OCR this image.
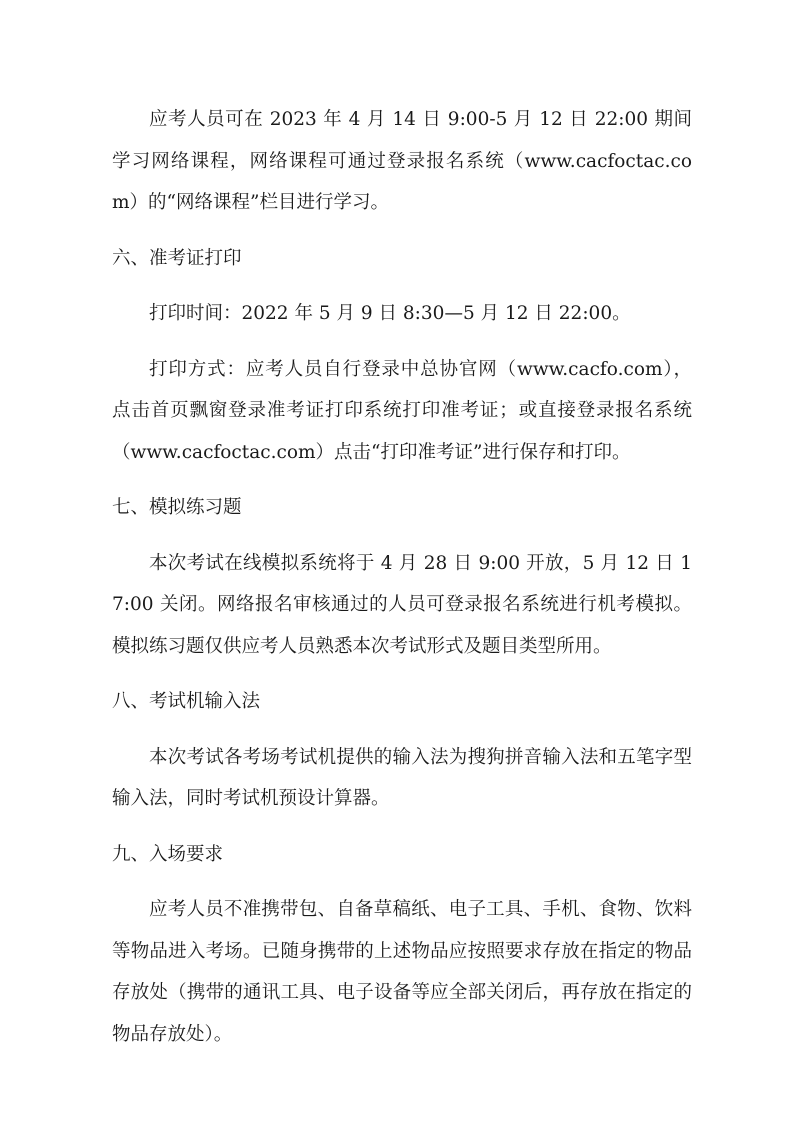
应考人员可在 2023 年 4 月 14 日 9:00-5 月 12 日 22:00 期间学习网络课程，网络课程可通过登录报名系统（www.cacfoctac.com）的“网络课程”栏目进行学习。

六、准考证打印

打印时间：2022 年 5 月 9 日 8:30—5 月 12 日 22:00。

打印方式：应考人员自行登录中总协官网（www.cacfo.com），点击首页飘窗登录准考证打印系统打印准考证；或直接登录报名系统（www.cacfoctac.com）点击“打印准考证”进行保存和打印。

七、模拟练习题

本次考试在线模拟系统将于 4 月 28 日 9:00 开放，5 月 12 日 17:00 关闭。网络报名审核通过的人员可登录报名系统进行机考模拟。模拟练习题仅供应考人员熟悉本次考试形式及题目类型所用。

八、考试机输入法

本次考试各考场考试机提供的输入法为搜狗拼音输入法和五笔字型输入法，同时考试机预设计算器。

九、入场要求

应考人员不准携带包、自备草稿纸、电子工具、手机、食物、饮料等物品进入考场。已随身携带的上述物品应按照要求存放在指定的物品存放处（携带的通讯工具、电子设备等应全部关闭后，再存放在指定的物品存放处）。
